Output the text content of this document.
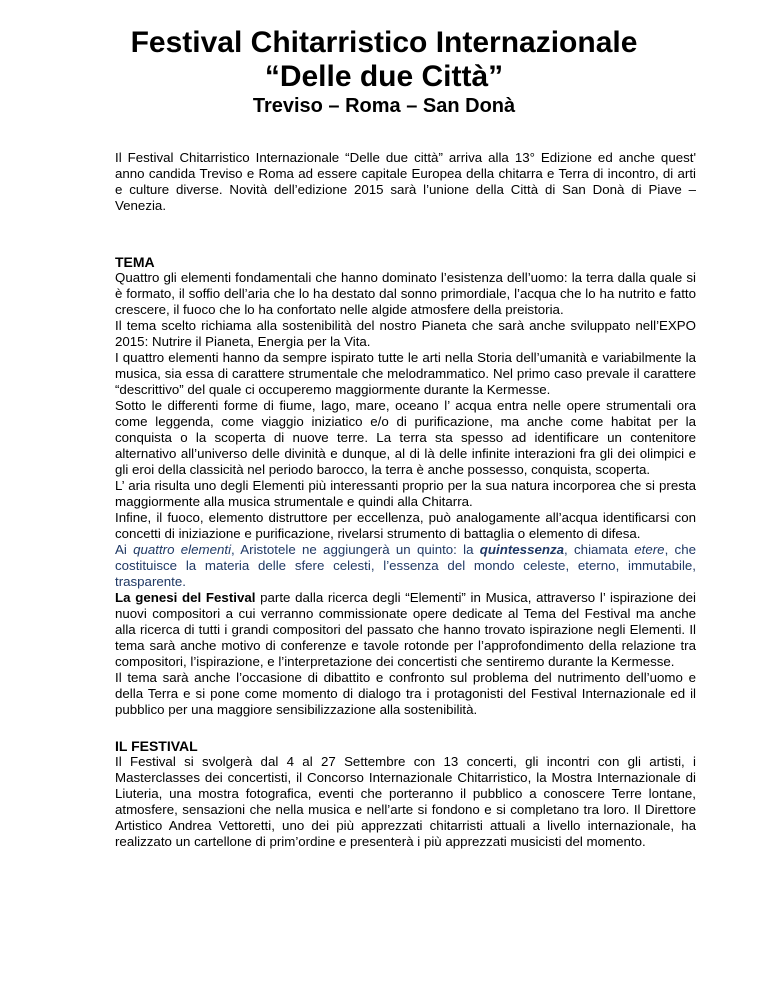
Festival Chitarristico Internazionale
“Delle due Città”
Treviso – Roma – San Donà

Il Festival Chitarristico Internazionale “Delle due città” arriva alla 13° Edizione ed anche quest' anno candida Treviso e Roma ad essere capitale Europea della chitarra e Terra di incontro, di arti e culture diverse. Novità dell’edizione 2015 sarà l’unione della Città di San Donà di Piave – Venezia.

TEMA

Quattro gli elementi fondamentali che hanno dominato l’esistenza dell’uomo: la terra dalla quale si è formato, il soffio dell’aria che lo ha destato dal sonno primordiale, l’acqua che lo ha nutrito e fatto crescere, il fuoco che lo ha confortato nelle algide atmosfere della preistoria.

Il tema scelto richiama alla sostenibilità del nostro Pianeta che sarà anche sviluppato nell’EXPO 2015: Nutrire il Pianeta, Energia per la Vita.

I quattro elementi hanno da sempre ispirato tutte le arti nella Storia dell’umanità e variabilmente la musica, sia essa di carattere strumentale che melodrammatico. Nel primo caso prevale il carattere “descrittivo” del quale ci occuperemo maggiormente durante la Kermesse.

Sotto le differenti forme di fiume, lago, mare, oceano l’ acqua entra nelle opere strumentali ora come leggenda, come viaggio iniziatico e/o di purificazione, ma anche come habitat per la conquista o la scoperta di nuove terre. La terra sta spesso ad identificare un contenitore alternativo all’universo delle divinità e dunque, al di là delle infinite interazioni fra gli dei olimpici e gli eroi della classicità nel periodo barocco, la terra è anche possesso, conquista, scoperta.

L’ aria risulta uno degli Elementi più interessanti proprio per la sua natura incorporea che si presta maggiormente alla musica strumentale e quindi alla Chitarra.

Infine, il fuoco, elemento distruttore per eccellenza, può analogamente all’acqua identificarsi con concetti di iniziazione e purificazione, rivelarsi strumento di battaglia o elemento di difesa.

Ai quattro elementi, Aristotele ne aggiungerà un quinto: la quintessenza, chiamata etere, che costituisce la materia delle sfere celesti, l’essenza del mondo celeste, eterno, immutabile, trasparente.

La genesi del Festival parte dalla ricerca degli “Elementi” in Musica, attraverso l’ ispirazione dei nuovi compositori a cui verranno commissionate opere dedicate al Tema del Festival ma anche alla ricerca di tutti i grandi compositori del passato che hanno trovato ispirazione negli Elementi. Il tema sarà anche motivo di conferenze e tavole rotonde per l’approfondimento della relazione tra compositori, l’ispirazione, e l’interpretazione dei concertisti che sentiremo durante la Kermesse.

Il tema sarà anche l’occasione di dibattito e confronto sul problema del nutrimento dell’uomo e della Terra e si pone come momento di dialogo tra i protagonisti del Festival Internazionale ed il pubblico per una maggiore sensibilizzazione alla sostenibilità.

IL FESTIVAL

Il Festival si svolgerà dal 4 al 27 Settembre con 13 concerti, gli incontri con gli artisti, i Masterclasses dei concertisti, il Concorso Internazionale Chitarristico, la Mostra Internazionale di Liuteria, una mostra fotografica, eventi che porteranno il pubblico a conoscere Terre lontane, atmosfere, sensazioni che nella musica e nell’arte si fondono e si completano tra loro. Il Direttore Artistico Andrea Vettoretti, uno dei più apprezzati chitarristi attuali a livello internazionale, ha realizzato un cartellone di prim’ordine e presenterà i più apprezzati musicisti del momento.
